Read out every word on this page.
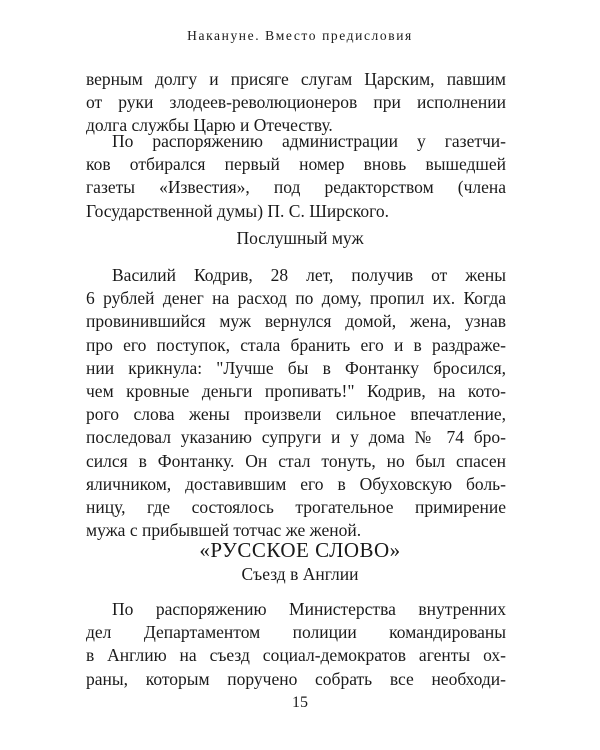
Накануне. Вместо предисловия

верным долгу и присяге слугам Царским, павшим

от руки злодеев-революционеров при исполнении

долга службы Царю и Отечеству.

По распоряжению администрации у газетчи-

ков отбирался первый номер вновь вышедшей

газеты «Известия», под редакторством (члена

Государственной думы) П. С. Ширского.

Послушный муж

Василий Кодрив, 28 лет, получив от жены

6 рублей денег на расход по дому, пропил их. Когда

провинившийся муж вернулся домой, жена, узнав

про его поступок, стала бранить его и в раздраже-

нии крикнула: "Лучше бы в Фонтанку бросился,

чем кровные деньги пропивать!" Кодрив, на кото-

рого слова жены произвели сильное впечатление,

последовал указанию супруги и у дома № 74 бро-

сился в Фонтанку. Он стал тонуть, но был спасен

яличником, доставившим его в Обуховскую боль-

ницу, где состоялось трогательное примирение

мужа с прибывшей тотчас же женой.

«РУССКОЕ СЛОВО»
Съезд в Англии

По распоряжению Министерства внутренних

дел Департаментом полиции командированы

в Англию на съезд социал-демократов агенты ох-

раны, которым поручено собрать все необходи-

15
